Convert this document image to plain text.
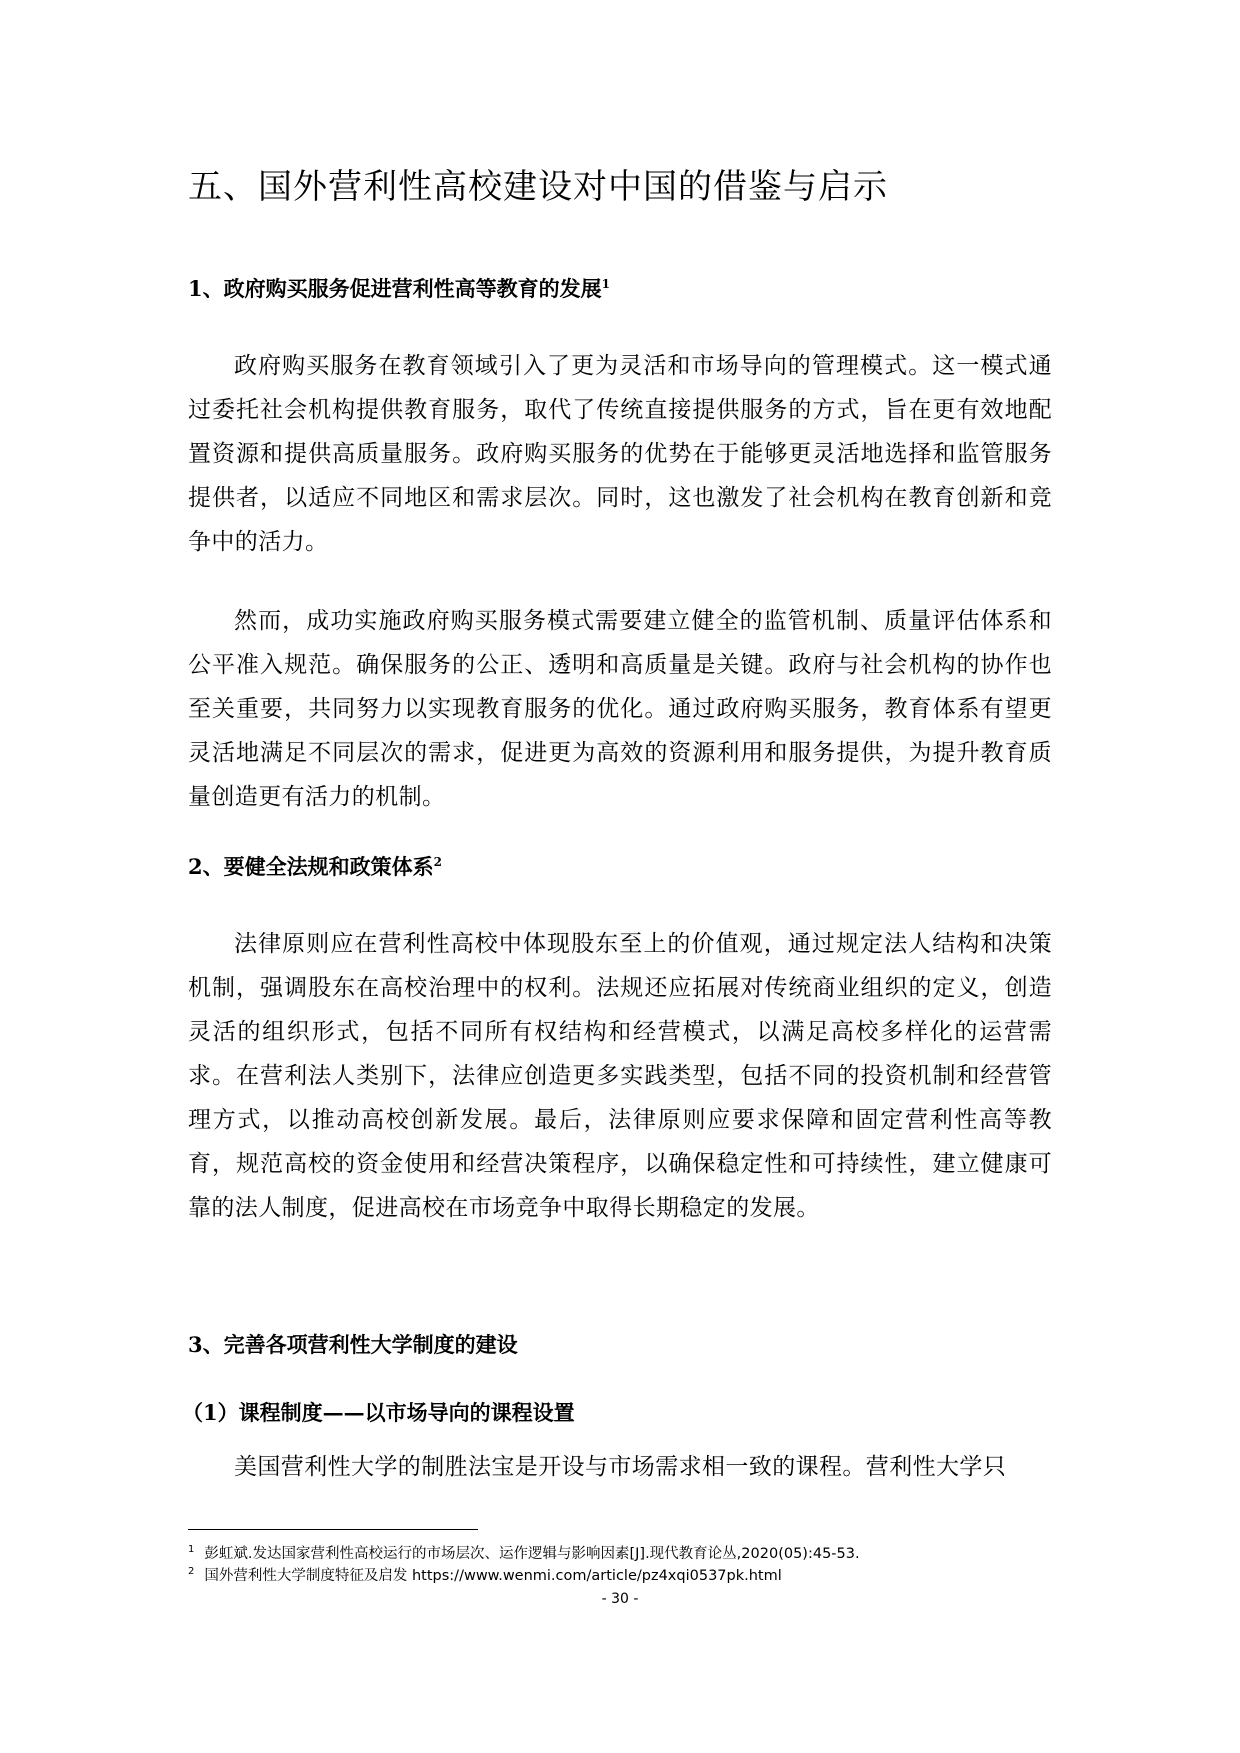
五、国外营利性高校建设对中国的借鉴与启示
1、政府购买服务促进营利性高等教育的发展$^1$

政府购买服务在教育领域引入了更为灵活和市场导向的管理模式。这一模式通过委托社会机构提供教育服务，取代了传统直接提供服务的方式，旨在更有效地配置资源和提供高质量服务。政府购买服务的优势在于能够更灵活地选择和监管服务提供者，以适应不同地区和需求层次。同时，这也激发了社会机构在教育创新和竞争中的活力。

然而，成功实施政府购买服务模式需要建立健全的监管机制、质量评估体系和公平准入规范。确保服务的公正、透明和高质量是关键。政府与社会机构的协作也至关重要，共同努力以实现教育服务的优化。通过政府购买服务，教育体系有望更灵活地满足不同层次的需求，促进更为高效的资源利用和服务提供，为提升教育质量创造更有活力的机制。

2、要健全法规和政策体系$^2$

法律原则应在营利性高校中体现股东至上的价值观，通过规定法人结构和决策机制，强调股东在高校治理中的权利。法规还应拓展对传统商业组织的定义，创造灵活的组织形式，包括不同所有权结构和经营模式，以满足高校多样化的运营需求。在营利法人类别下，法律应创造更多实践类型，包括不同的投资机制和经营管理方式，以推动高校创新发展。最后，法律原则应要求保障和固定营利性高等教育，规范高校的资金使用和经营决策程序，以确保稳定性和可持续性，建立健康可靠的法人制度，促进高校在市场竞争中取得长期稳定的发展。

3、完善各项营利性大学制度的建设
（1）课程制度——以市场导向的课程设置

美国营利性大学的制胜法宝是开设与市场需求相一致的课程。营利性大学只

$^1$ 彭虹斌.发达国家营利性高校运行的市场层次、运作逻辑与影响因素[J].现代教育论丛,2020(05):45-53.
$^2$ 国外营利性大学制度特征及启发 https://www.wenmi.com/article/pz4xqi0537pk.html
- 30 -
